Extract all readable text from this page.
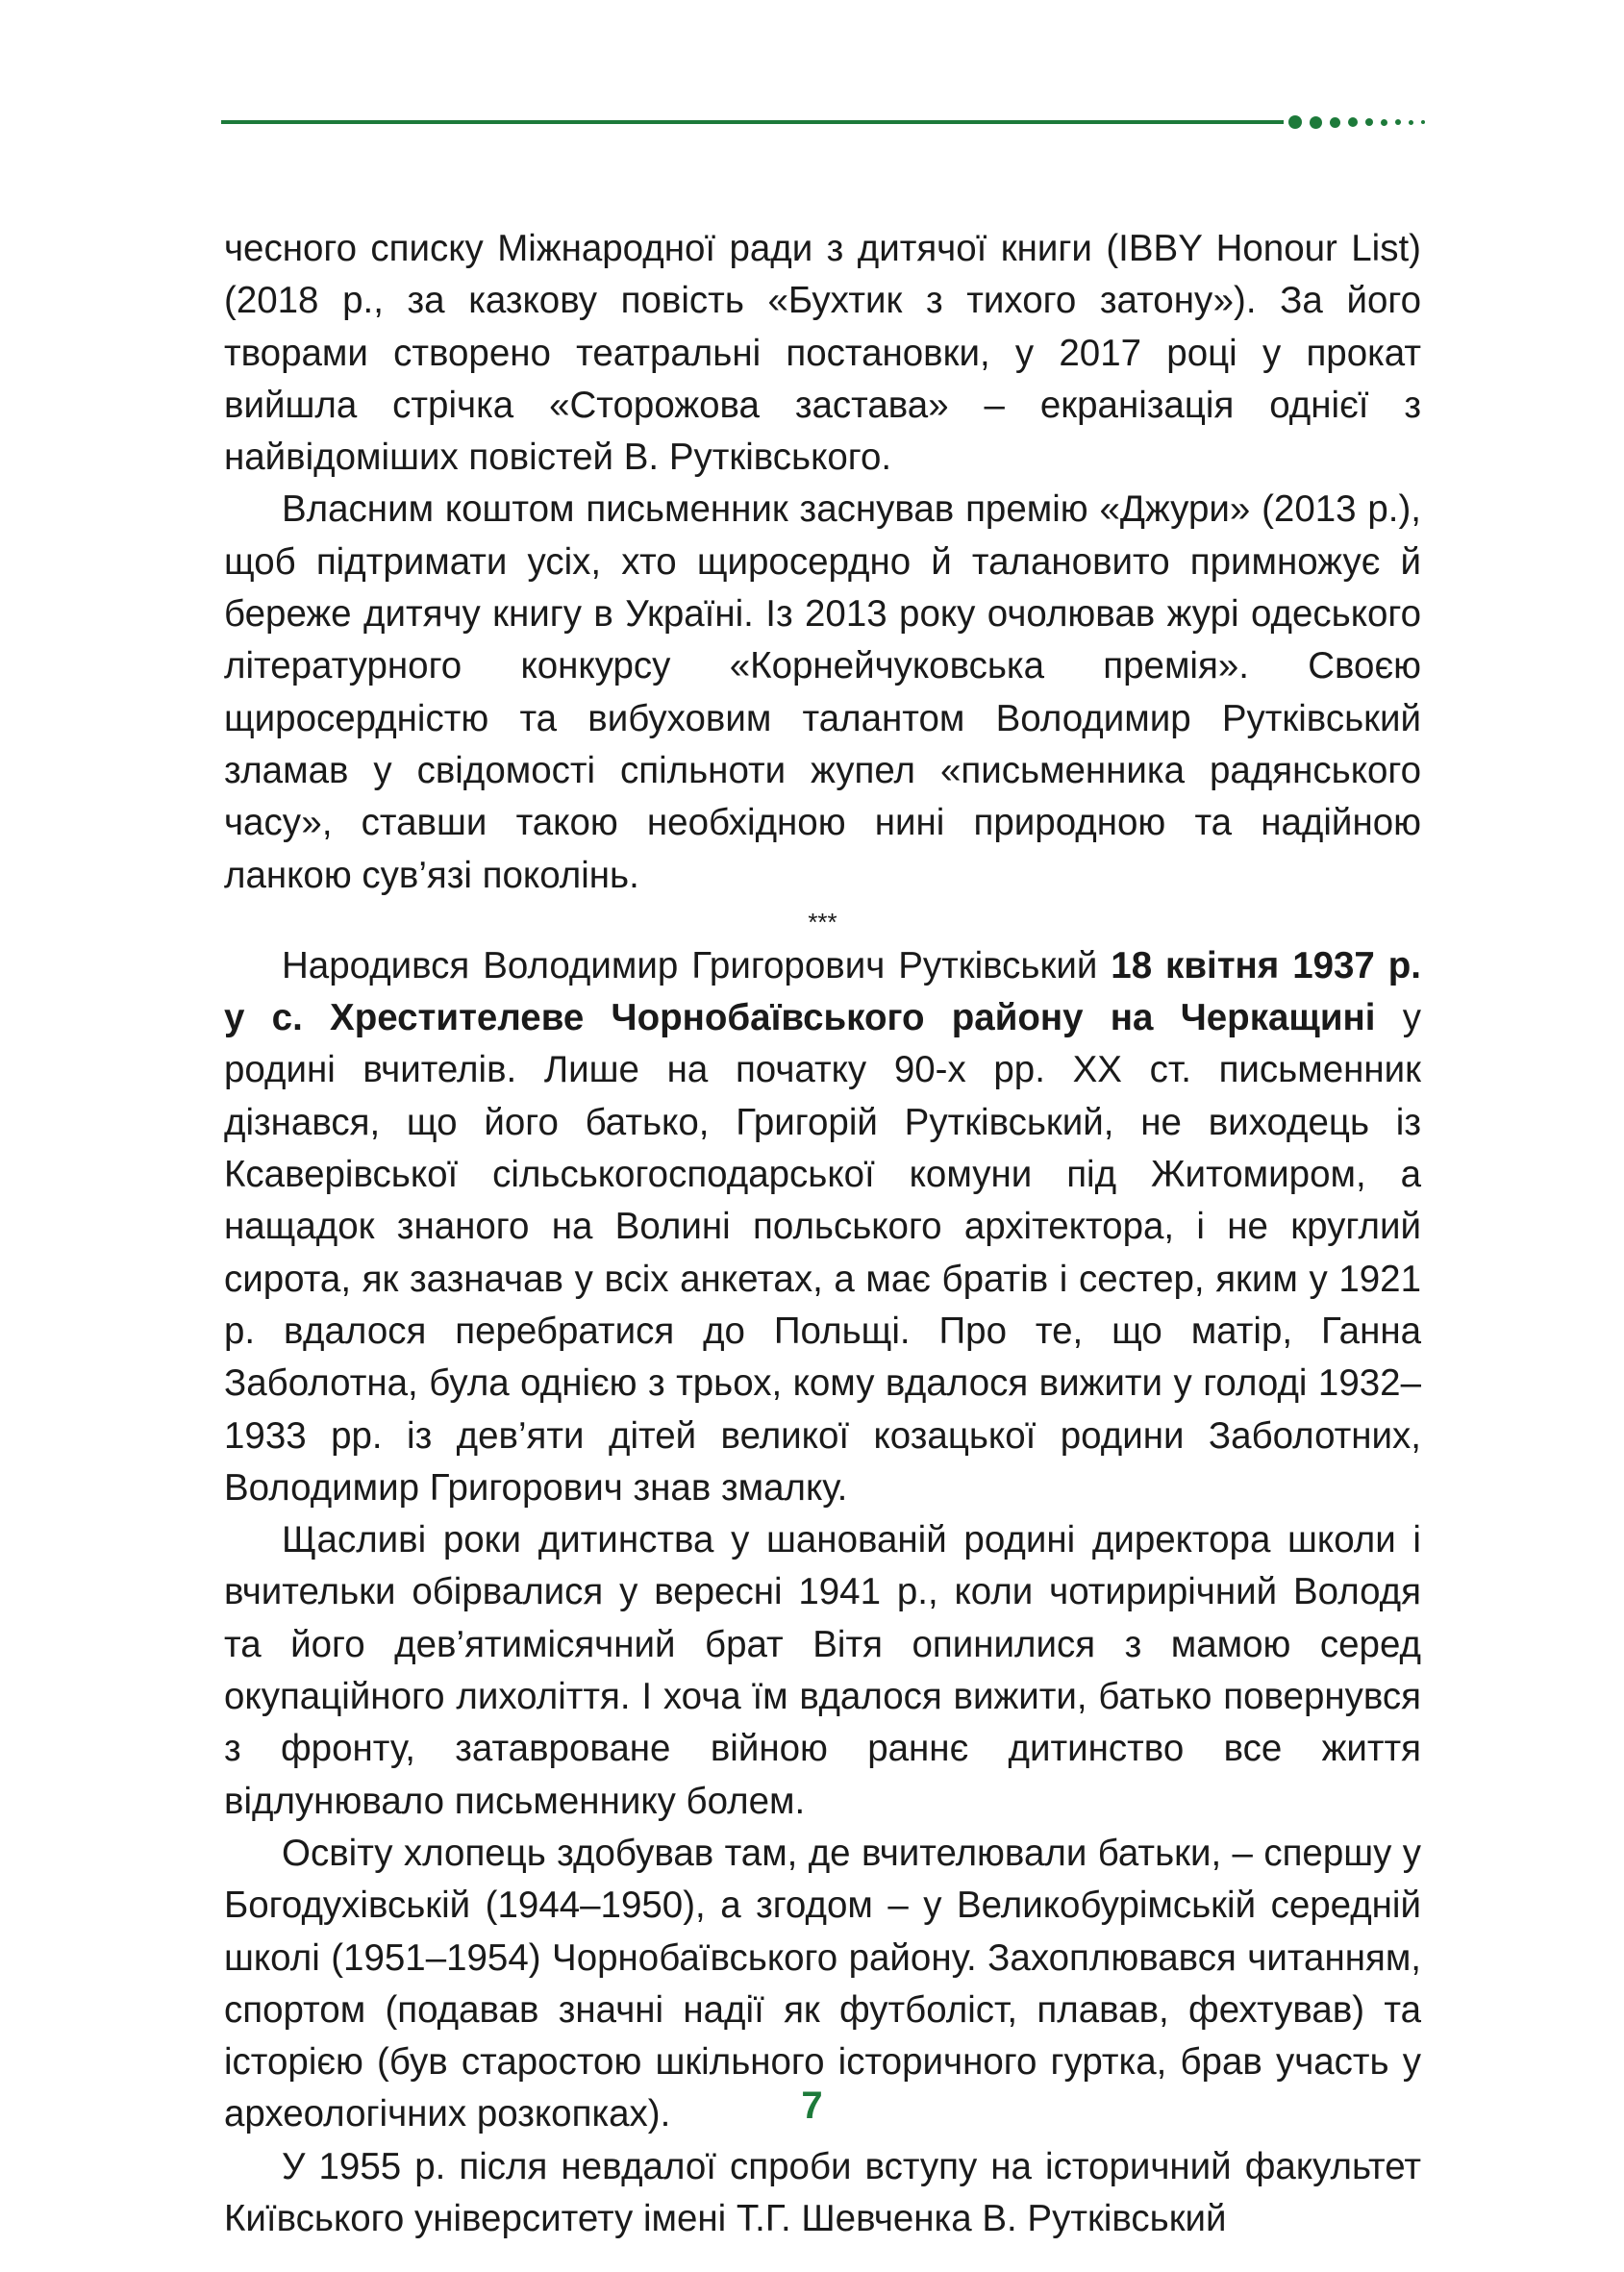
чесного списку Міжнародної ради з дитячої книги (IBBY Honour List) (2018 р., за казкову повість «Бухтик з тихого затону»). За його творами створено театральні постановки, у 2017 році у прокат вийшла стрічка «Сторожова застава» – екранізація однієї з найвідоміших повістей В. Рутківського.

Власним коштом письменник заснував премію «Джури» (2013 р.), щоб підтримати усіх, хто щиросердно й талановито примножує й береже дитячу книгу в Україні. Із 2013 року очолював журі одеського літературного конкурсу «Корнейчуковська премія». Своєю щиросердністю та вибуховим талантом Володимир Рутківський зламав у свідомості спільноти жупел «письменника радянського часу», ставши такою необхідною нині природною та надійною ланкою сув’язі поколінь.

***

Народився Володимир Григорович Рутківський 18 квітня 1937 р. у с. Хрестителеве Чорнобаївського району на Черкащині у родині вчителів. Лише на початку 90-х рр. XX ст. письменник дізнався, що його батько, Григорій Рутківський, не виходець із Ксаверівської сільськогосподарської комуни під Житомиром, а нащадок знаного на Волині польського архітектора, і не круглий сирота, як зазначав у всіх анкетах, а має братів і сестер, яким у 1921 р. вдалося перебратися до Польщі. Про те, що матір, Ганна Заболотна, була однією з трьох, кому вдалося вижити у голоді 1932–1933 рр. із дев’яти дітей великої козацької родини Заболотних, Володимир Григорович знав змалку.

Щасливі роки дитинства у шанованій родині директора школи і вчительки обірвалися у вересні 1941 р., коли чотирирічний Володя та його дев’ятимісячний брат Вітя опинилися з мамою серед окупаційного лихоліття. І хоча їм вдалося вижити, батько повернувся з фронту, затавроване війною раннє дитинство все життя відлунювало письменнику болем.

Освіту хлопець здобував там, де вчителювали батьки, – спершу у Богодухівській (1944–1950), а згодом – у Великобурімській середній школі (1951–1954) Чорнобаївського району. Захоплювався читанням, спортом (подавав значні надії як футболіст, плавав, фехтував) та історією (був старостою шкільного історичного гуртка, брав участь у археологічних розкопках).

У 1955 р. після невдалої спроби вступу на історичний факультет Київського університету імені Т.Г. Шевченка В. Рутківський

7
